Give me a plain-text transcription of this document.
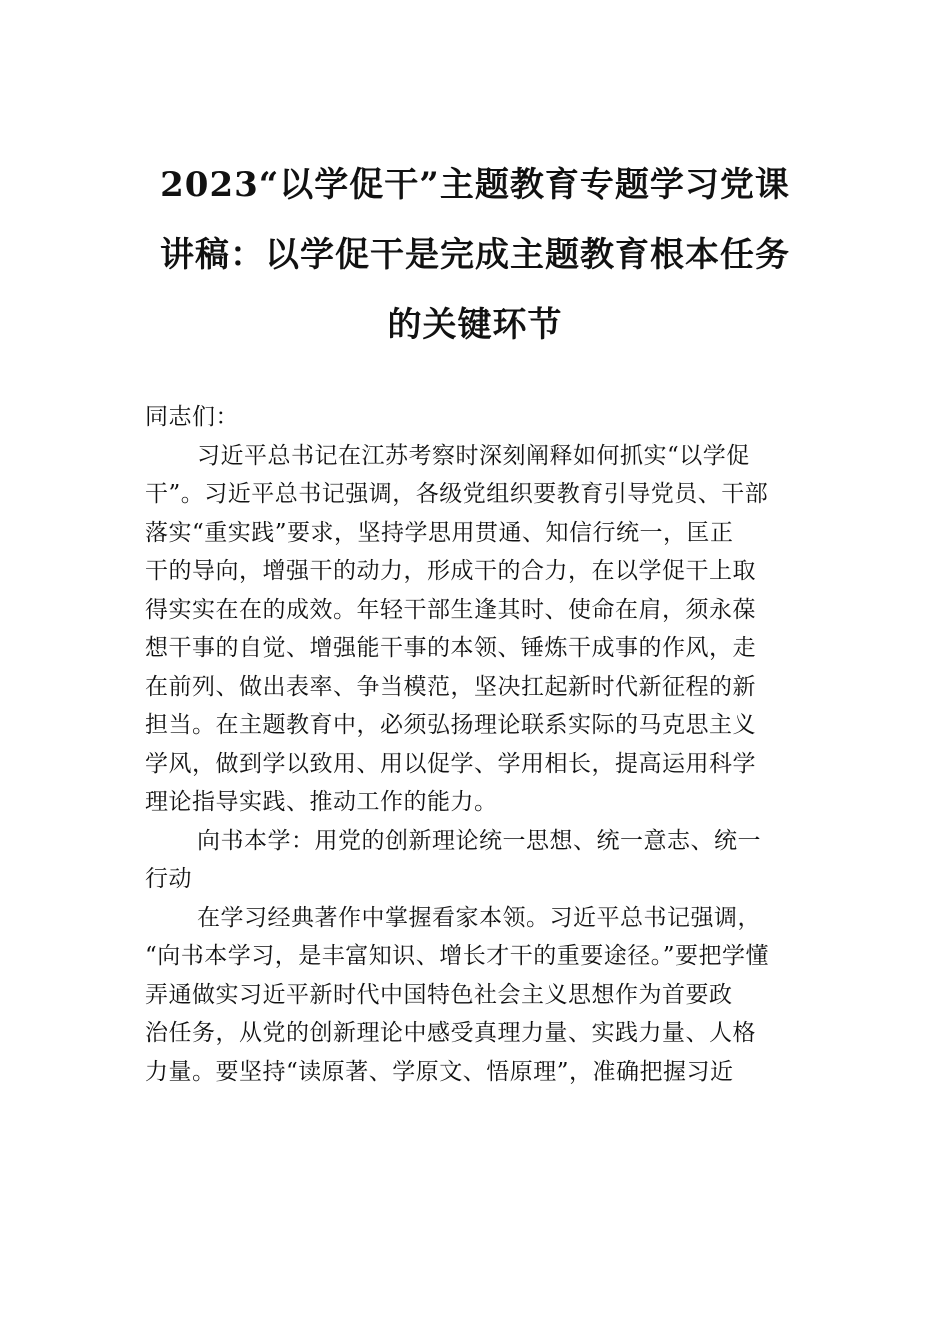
2023“以学促干”主题教育专题学习党课
讲稿：以学促干是完成主题教育根本任务
的关键环节
同志们：
习近平总书记在江苏考察时深刻阐释如何抓实“以学促
干”。习近平总书记强调，各级党组织要教育引导党员、干部
落实“重实践”要求，坚持学思用贯通、知信行统一，匡正
干的导向，增强干的动力，形成干的合力，在以学促干上取
得实实在在的成效。年轻干部生逢其时、使命在肩，须永葆
想干事的自觉、增强能干事的本领、锤炼干成事的作风，走
在前列、做出表率、争当模范，坚决扛起新时代新征程的新
担当。在主题教育中，必须弘扬理论联系实际的马克思主义
学风，做到学以致用、用以促学、学用相长，提高运用科学
理论指导实践、推动工作的能力。
向书本学：用党的创新理论统一思想、统一意志、统一
行动
在学习经典著作中掌握看家本领。习近平总书记强调，
“向书本学习，是丰富知识、增长才干的重要途径。”要把学懂
弄通做实习近平新时代中国特色社会主义思想作为首要政
治任务，从党的创新理论中感受真理力量、实践力量、人格
力量。要坚持“读原著、学原文、悟原理”，准确把握习近
